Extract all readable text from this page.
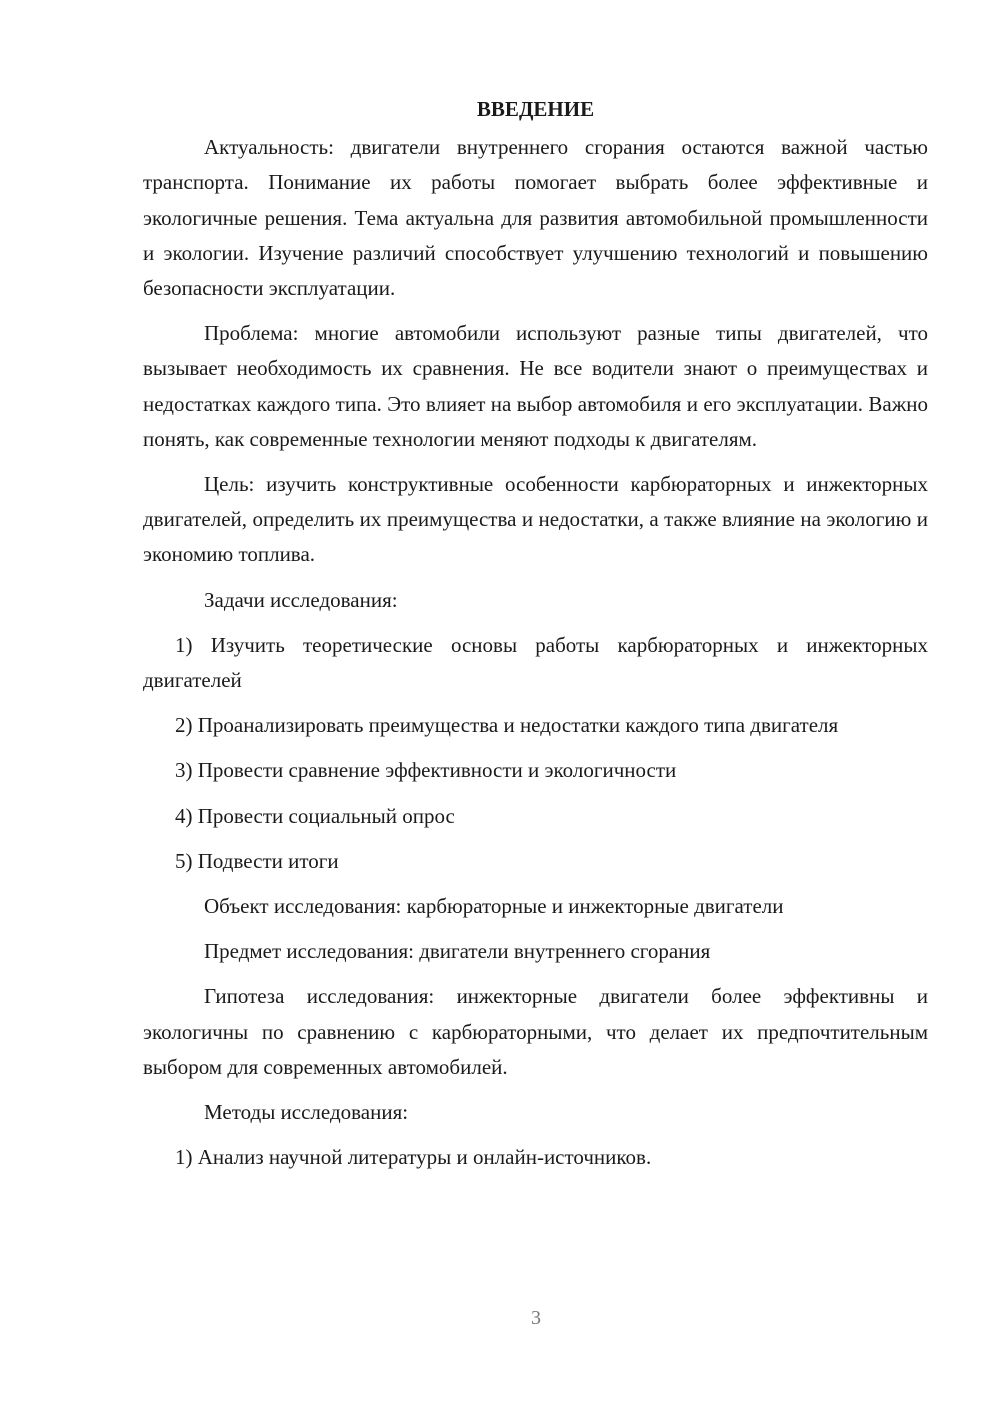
ВВЕДЕНИЕ

Актуальность: двигатели внутреннего сгорания остаются важной частью транспорта. Понимание их работы помогает выбрать более эффективные и экологичные решения. Тема актуальна для развития автомобильной промышленности и экологии. Изучение различий способствует улучшению технологий и повышению безопасности эксплуатации.

Проблема: многие автомобили используют разные типы двигателей, что вызывает необходимость их сравнения. Не все водители знают о преимуществах и недостатках каждого типа. Это влияет на выбор автомобиля и его эксплуатации. Важно понять, как современные технологии меняют подходы к двигателям.

Цель: изучить конструктивные особенности карбюраторных и инжекторных двигателей, определить их преимущества и недостатки, а также влияние на экологию и экономию топлива.

Задачи исследования:

1) Изучить теоретические основы работы карбюраторных и инжекторных двигателей

2) Проанализировать преимущества и недостатки каждого типа двигателя

3) Провести сравнение эффективности и экологичности

4) Провести социальный опрос

5) Подвести итоги

Объект исследования: карбюраторные и инжекторные двигатели

Предмет исследования: двигатели внутреннего сгорания

Гипотеза исследования: инжекторные двигатели более эффективны и экологичны по сравнению с карбюраторными, что делает их предпочтительным выбором для современных автомобилей.

Методы исследования:

1) Анализ научной литературы и онлайн-источников.

3
